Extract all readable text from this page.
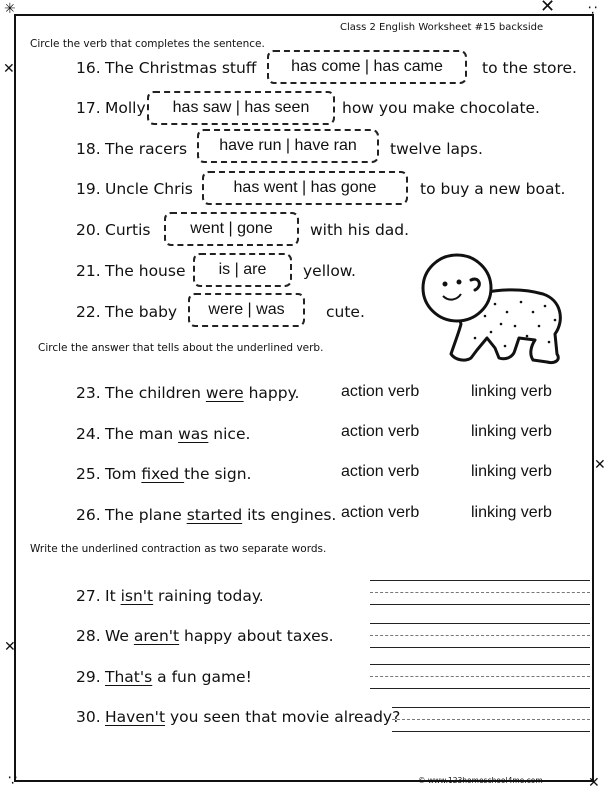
✳	✕ ∵
✕
✕
✕
∵	✕
Class 2 English Worksheet #15 backside
Circle the verb that completes the sentence.
16. The Christmas stuff	has come | has came	to the store.
17. Molly	has saw | has seen	how you make chocolate.
18. The racers	have run | have ran	twelve laps.
19. Uncle Chris	has went | has gone	to buy a new boat.
20. Curtis	went | gone	with his dad.
21. The house	is | are	yellow.
22. The baby	were | was	cute.
Circle the answer that tells about the underlined verb.
23. The children were happy.	action verb	linking verb
24. The man was nice.	action verb	linking verb
25. Tom fixed the sign.	action verb	linking verb
26. The plane started its engines. action verb	linking verb
Write the underlined contraction as two separate words.
27. It isn't raining today.
28. We aren't happy about taxes.
29. That's a fun game!
30. Haven't you seen that movie already?
© www.123homeschool4me.com
